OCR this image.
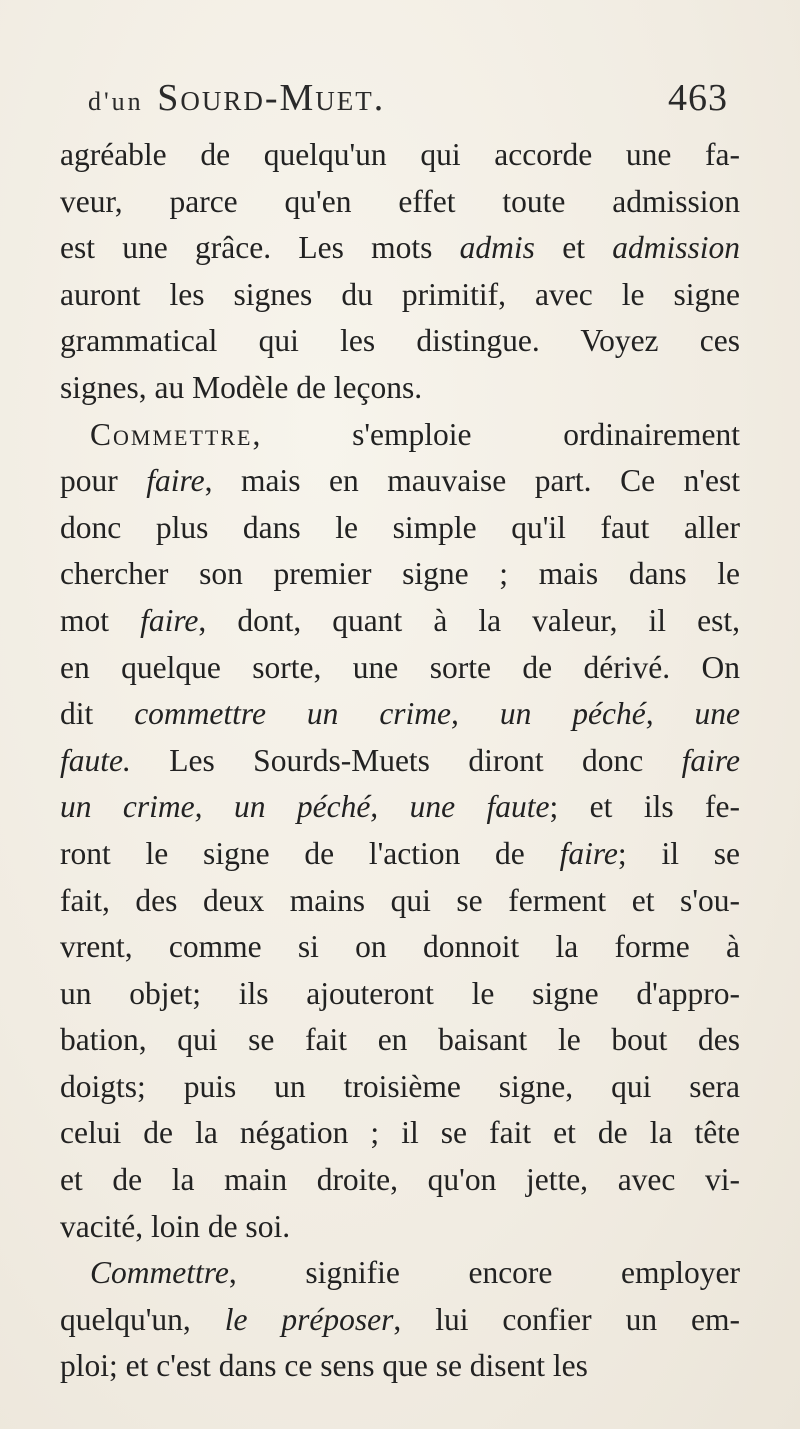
d'un Sourd-Muet.	463
agréable de quelqu'un qui accorde une fa-
veur, parce qu'en effet toute admission
est une grâce. Les mots admis et admission
auront les signes du primitif, avec le signe
grammatical qui les distingue. Voyez ces
signes, au Modèle de leçons.
Commettre, s'emploie ordinairement
pour faire, mais en mauvaise part. Ce n'est
donc plus dans le simple qu'il faut aller
chercher son premier signe ; mais dans le
mot faire, dont, quant à la valeur, il est,
en quelque sorte, une sorte de dérivé. On
dit commettre un crime, un péché, une
faute. Les Sourds-Muets diront donc faire
un crime, un péché, une faute; et ils fe-
ront le signe de l'action de faire; il se
fait, des deux mains qui se ferment et s'ou-
vrent, comme si on donnoit la forme à
un objet; ils ajouteront le signe d'appro-
bation, qui se fait en baisant le bout des
doigts; puis un troisième signe, qui sera
celui de la négation ; il se fait et de la tête
et de la main droite, qu'on jette, avec vi-
vacité, loin de soi.
Commettre, signifie encore employer
quelqu'un, le préposer, lui confier un em-
ploi; et c'est dans ce sens que se disent les
